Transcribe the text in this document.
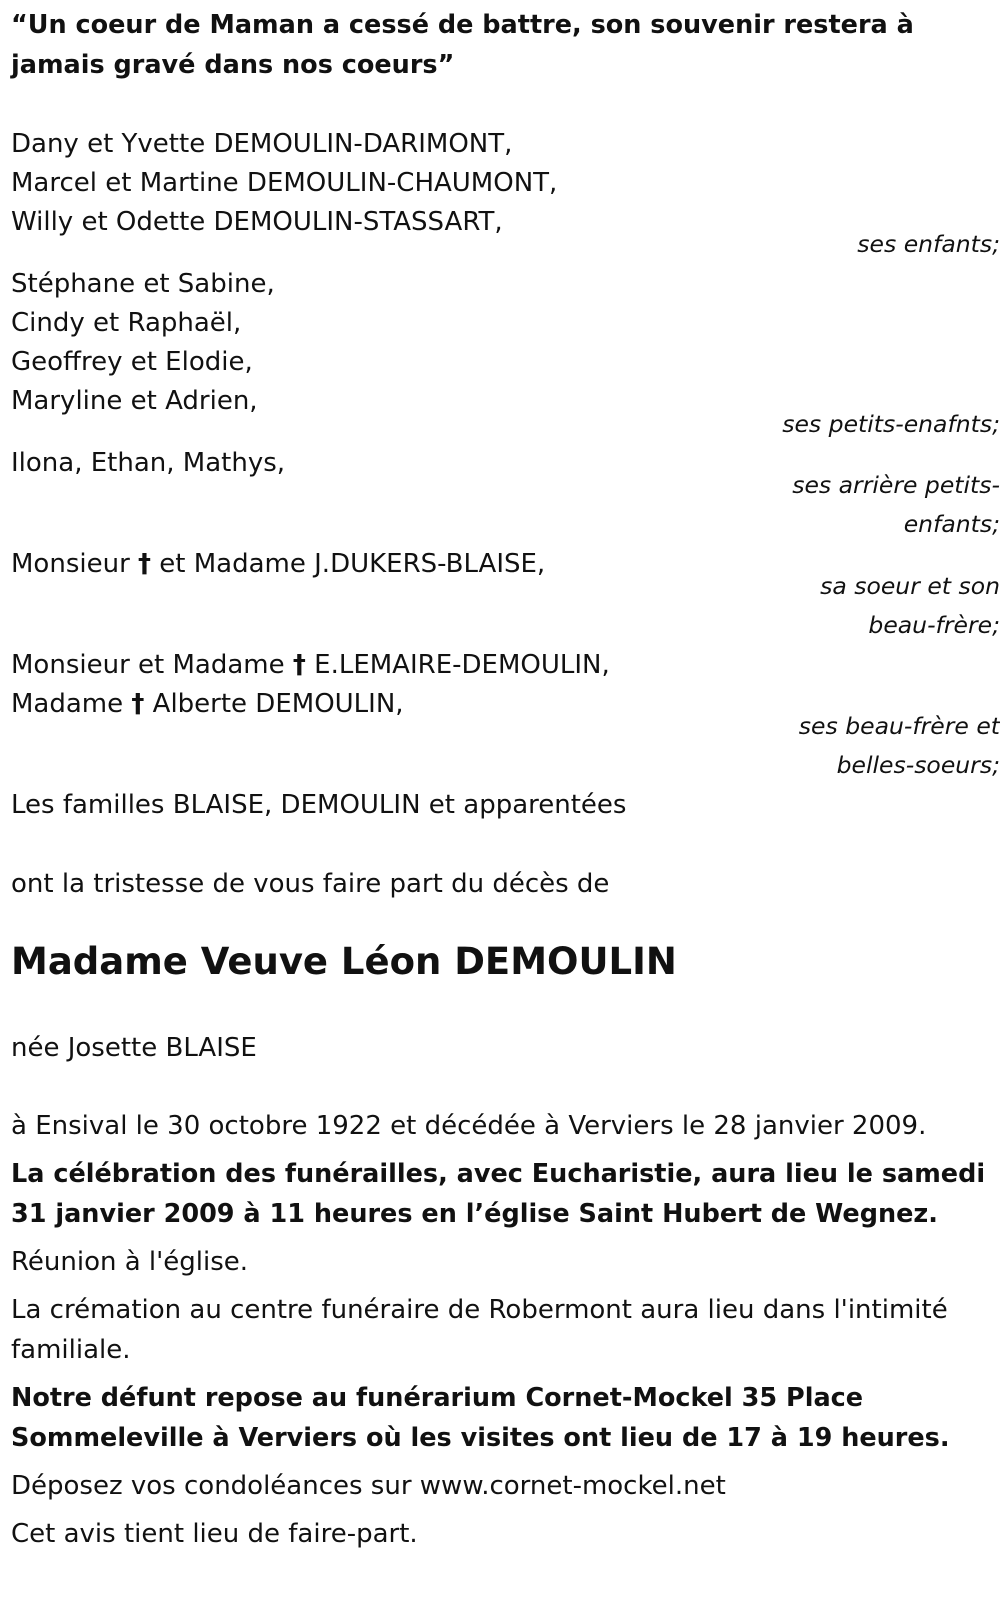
“Un coeur de Maman a cessé de battre, son souvenir restera à jamais gravé dans nos coeurs”
Dany et Yvette DEMOULIN-DARIMONT,
Marcel et Martine DEMOULIN-CHAUMONT,
Willy et Odette DEMOULIN-STASSART,
ses enfants;
Stéphane et Sabine,
Cindy et Raphaël,
Geoffrey et Elodie,
Maryline et Adrien,
ses petits-enafnts;
Ilona, Ethan, Mathys,
ses arrière petits-
enfants;
Monsieur † et Madame J.DUKERS-BLAISE,
sa soeur et son
beau-frère;
Monsieur et Madame † E.LEMAIRE-DEMOULIN,
Madame † Alberte DEMOULIN,
ses beau-frère et
belles-soeurs;
Les familles BLAISE, DEMOULIN et apparentées
ont la tristesse de vous faire part du décès de
Madame Veuve Léon DEMOULIN
née Josette BLAISE
à Ensival le 30 octobre 1922 et décédée à Verviers le 28 janvier 2009.
La célébration des funérailles, avec Eucharistie, aura lieu le samedi 31 janvier 2009 à 11 heures en l’église Saint Hubert de Wegnez.
Réunion à l'église.
La crémation au centre funéraire de Robermont aura lieu dans l'intimité familiale.
Notre défunt repose au funérarium Cornet-Mockel 35 Place Sommeleville à Verviers où les visites ont lieu de 17 à 19 heures.
Déposez vos condoléances sur www.cornet-mockel.net
Cet avis tient lieu de faire-part.
